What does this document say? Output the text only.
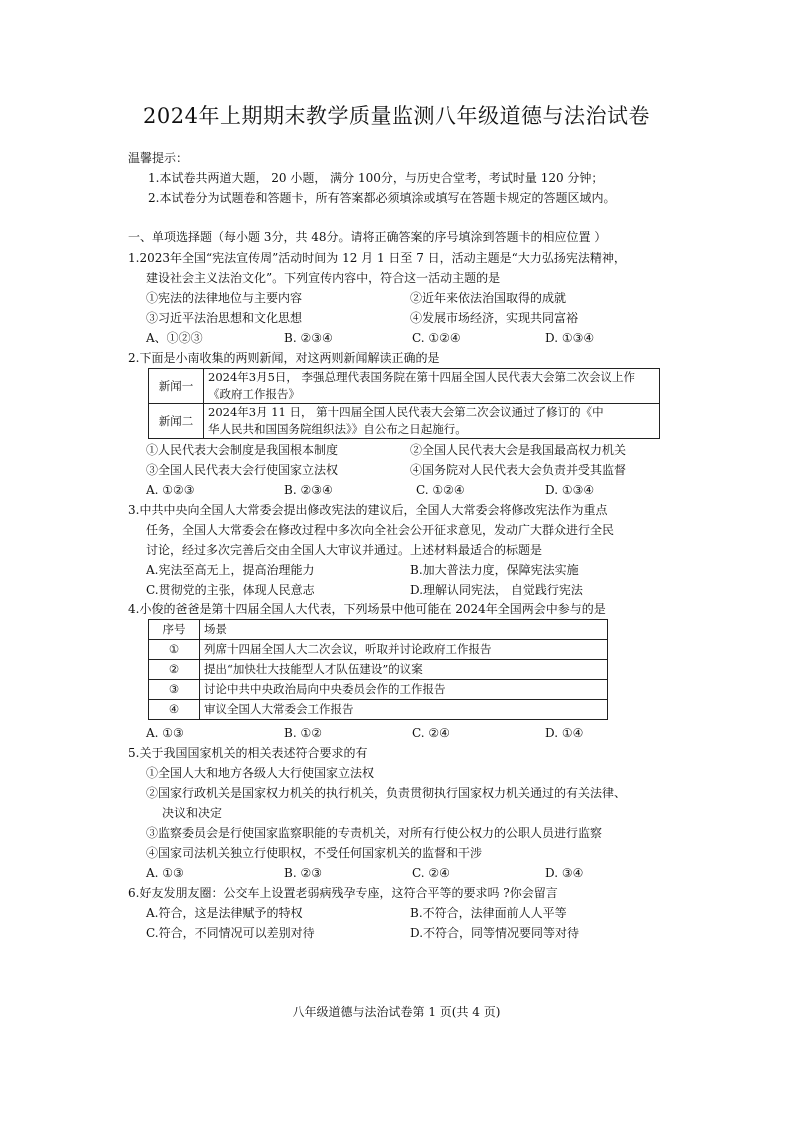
2024年上期期末教学质量监测八年级道德与法治试卷
温馨提示：
1.本试卷共两道大题， 20 小题， 满分 100分，与历史合堂考，考试时量 120 分钟；
2.本试卷分为试题卷和答题卡，所有答案都必须填涂或填写在答题卡规定的答题区域内。
一、单项选择题（每小题 3分，共 48分。请将正确答案的序号填涂到答题卡的相应位置 ）
1.2023年全国“宪法宣传周”活动时间为 12 月 1 日至 7 日，活动主题是“大力弘扬宪法精神，
建设社会主义法治文化”。下列宣传内容中，符合这一活动主题的是
①宪法的法律地位与主要内容	②近年来依法治国取得的成就
③习近平法治思想和文化思想	④发展市场经济，实现共同富裕
A、①②③	B. ②③④	C. ①②④	D. ①③④
2.下面是小南收集的两则新闻，对这两则新闻解读正确的是
新闻一	2024年3月5日， 李强总理代表国务院在第十四届全国人民代表大会第二次会议上作
《政府工作报告》

新闻二	2024年3月 11 日， 第十四届全国人民代表大会第二次会议通过了修订的《中
华人民共和国国务院组织法》》自公布之日起施行。
①人民代表大会制度是我国根本制度	②全国人民代表大会是我国最高权力机关
③全国人民代表大会行使国家立法权	④国务院对人民代表大会负责并受其监督
A. ①②③	B. ②③④	C. ①②④	D. ①③④
3.中共中央向全国人大常委会提出修改宪法的建议后，全国人大常委会将修改宪法作为重点
任务，全国人大常委会在修改过程中多次向全社会公开征求意见，发动广大群众进行全民
讨论，经过多次完善后交由全国人大审议并通过。上述材料最适合的标题是
A.宪法至高无上，提高治理能力	B.加大普法力度，保障宪法实施
C.贯彻党的主张，体现人民意志	D.理解认同宪法， 自觉践行宪法
4.小俊的爸爸是第十四届全国人大代表，下列场景中他可能在 2024年全国两会中参与的是
序号	场景
①	列席十四届全国人大二次会议，听取并讨论政府工作报告
②	提出“加快壮大技能型人才队伍建设”的议案
③	讨论中共中央政治局向中央委员会作的工作报告
④	审议全国人大常委会工作报告
A. ①③	B. ①②	C. ②④	D. ①④
5.关于我国国家机关的相关表述符合要求的有
①全国人大和地方各级人大行使国家立法权
②国家行政机关是国家权力机关的执行机关，负责贯彻执行国家权力机关通过的有关法律、
决议和决定
③监察委员会是行使国家监察职能的专责机关，对所有行使公权力的公职人员进行监察
④国家司法机关独立行使职权，不受任何国家机关的监督和干涉
A. ①③	B. ②③	C. ②④	D. ③④
6.好友发朋友圈：公交车上设置老弱病残孕专座，这符合平等的要求吗 ?你会留言
A.符合，这是法律赋予的特权	B.不符合，法律面前人人平等
C.符合，不同情况可以差别对待	D.不符合，同等情况要同等对待
八年级道德与法治试卷第 1 页(共 4 页)
